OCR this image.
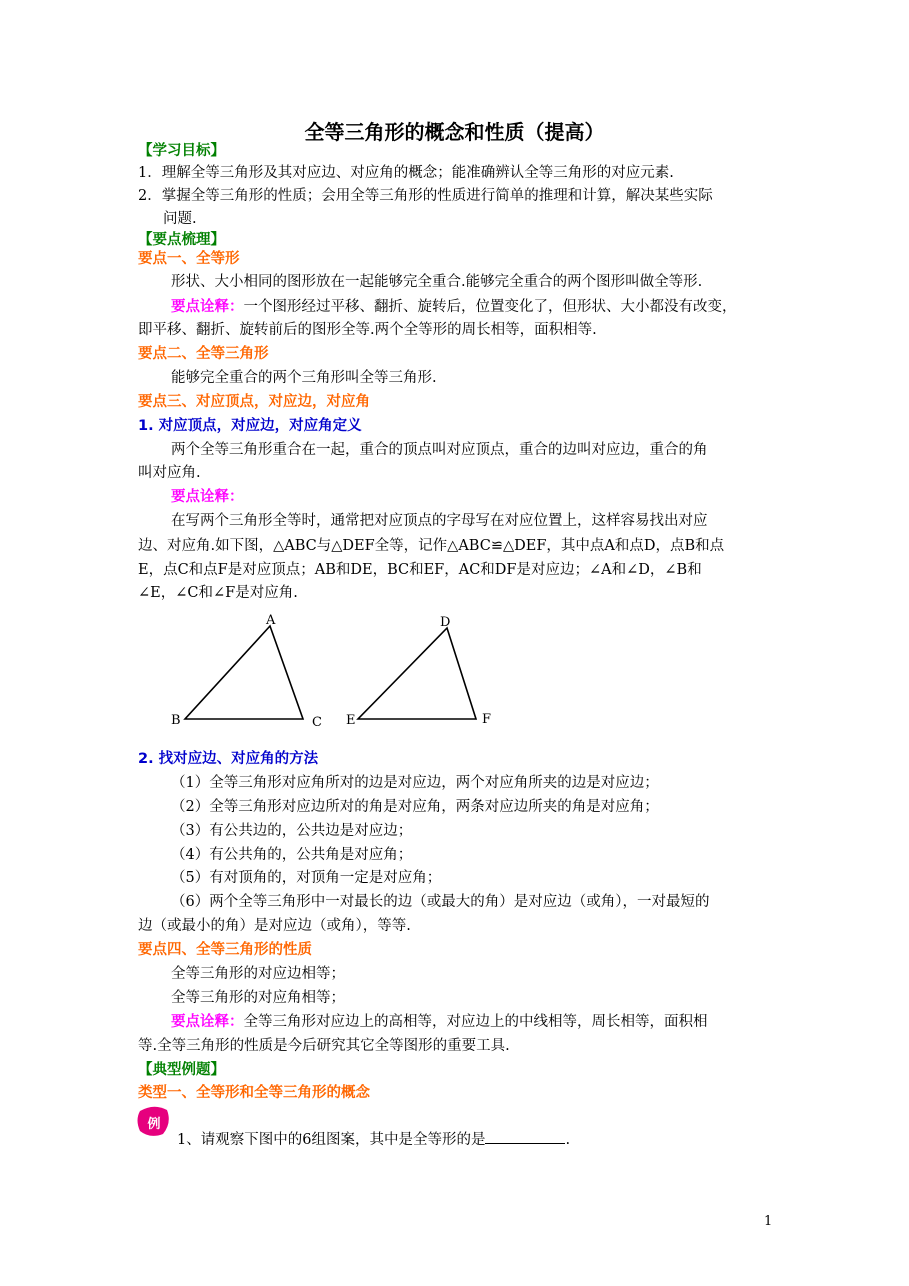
全等三角形的概念和性质（提高）
【学习目标】
1．理解全等三角形及其对应边、对应角的概念；能准确辨认全等三角形的对应元素.
2．掌握全等三角形的性质；会用全等三角形的性质进行简单的推理和计算，解决某些实际
问题.
【要点梳理】
要点一、全等形
形状、大小相同的图形放在一起能够完全重合.能够完全重合的两个图形叫做全等形.
要点诠释：一个图形经过平移、翻折、旋转后，位置变化了，但形状、大小都没有改变，
即平移、翻折、旋转前后的图形全等.两个全等形的周长相等，面积相等.
要点二、全等三角形
能够完全重合的两个三角形叫全等三角形.
要点三、对应顶点，对应边，对应角
1. 对应顶点，对应边，对应角定义
两个全等三角形重合在一起，重合的顶点叫对应顶点，重合的边叫对应边，重合的角
叫对应角.
要点诠释：
在写两个三角形全等时，通常把对应顶点的字母写在对应位置上，这样容易找出对应
边、对应角.如下图，△ABC与△DEF全等，记作△ABC≌△DEF，其中点A和点D，点B和点
E，点C和点F是对应顶点；AB和DE，BC和EF，AC和DF是对应边；∠A和∠D，∠B和
∠E，∠C和∠F是对应角.
A
B	C
D
E	F
2. 找对应边、对应角的方法
（1）全等三角形对应角所对的边是对应边，两个对应角所夹的边是对应边；
（2）全等三角形对应边所对的角是对应角，两条对应边所夹的角是对应角；
（3）有公共边的，公共边是对应边；
（4）有公共角的，公共角是对应角；
（5）有对顶角的，对顶角一定是对应角；
（6）两个全等三角形中一对最长的边（或最大的角）是对应边（或角），一对最短的
边（或最小的角）是对应边（或角），等等.
要点四、全等三角形的性质
全等三角形的对应边相等；
全等三角形的对应角相等；
要点诠释：全等三角形对应边上的高相等，对应边上的中线相等，周长相等，面积相
等.全等三角形的性质是今后研究其它全等图形的重要工具.
【典型例题】
类型一、全等形和全等三角形的概念
例
1、请观察下图中的6组图案，其中是全等形的是	.
1
